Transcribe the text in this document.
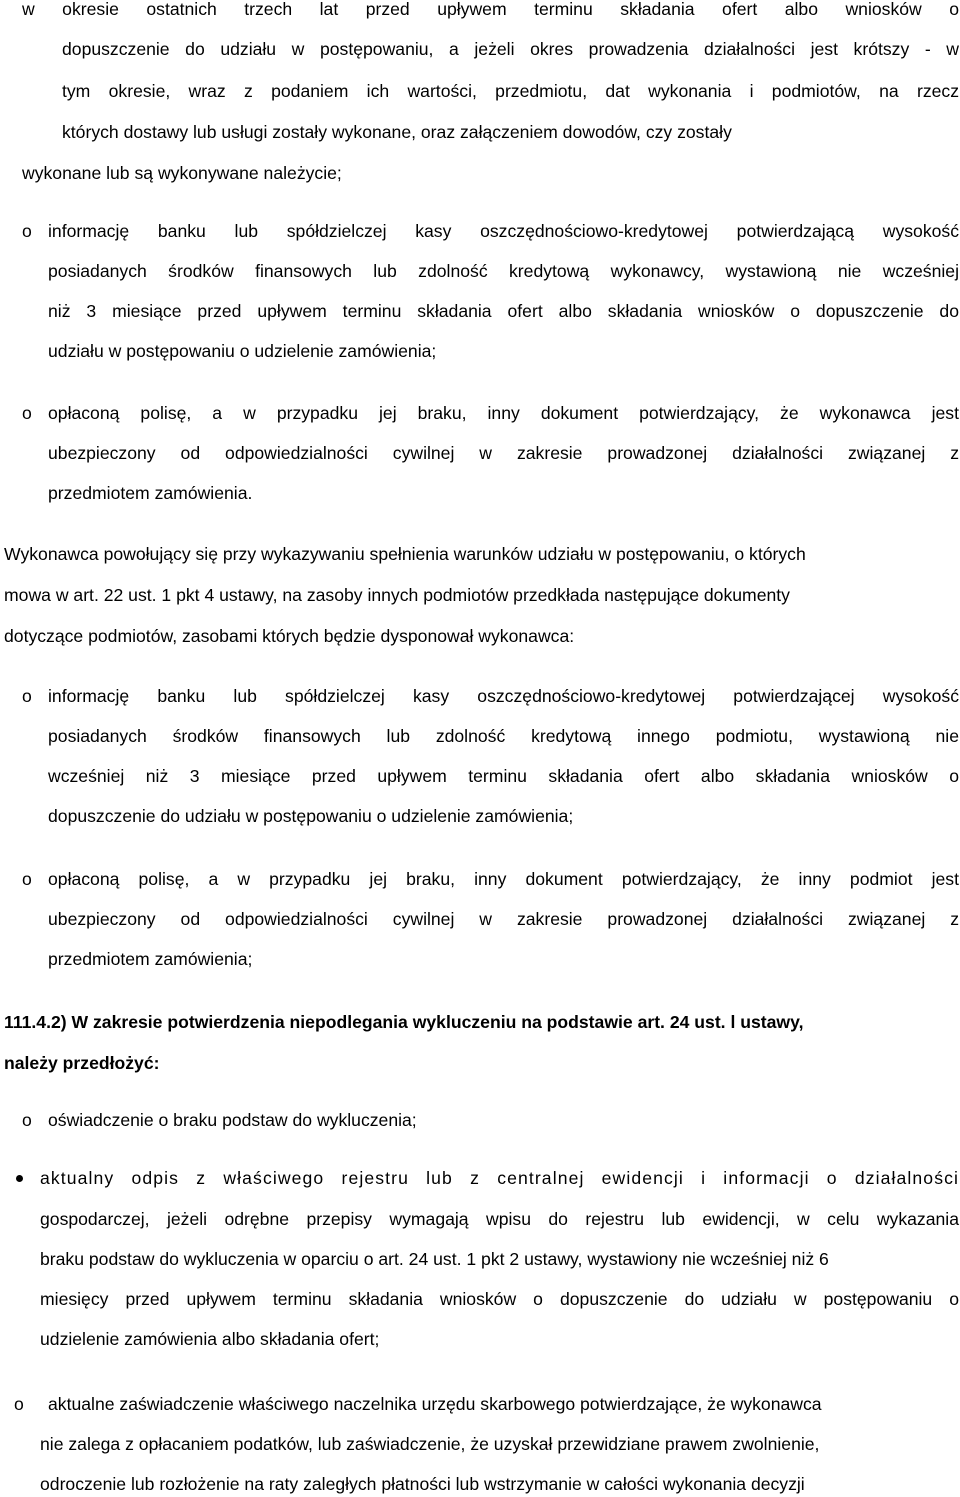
w okresie ostatnich trzech lat przed upływem terminu składania ofert albo wniosków o
dopuszczenie do udziału w postępowaniu, a jeżeli okres prowadzenia działalności jest krótszy - w
tym okresie, wraz z podaniem ich wartości, przedmiotu, dat wykonania i podmiotów, na rzecz
których dostawy lub usługi zostały wykonane, oraz załączeniem dowodów, czy zostały
wykonane lub są wykonywane należycie;
o informację banku lub spółdzielczej kasy oszczędnościowo-kredytowej potwierdzającą wysokość
posiadanych środków finansowych lub zdolność kredytową wykonawcy, wystawioną nie wcześniej
niż 3 miesiące przed upływem terminu składania ofert albo składania wniosków o dopuszczenie do
udziału w postępowaniu o udzielenie zamówienia;
o opłaconą polisę, a w przypadku jej braku, inny dokument potwierdzający, że wykonawca jest
ubezpieczony od odpowiedzialności cywilnej w zakresie prowadzonej działalności związanej z
przedmiotem zamówienia.
Wykonawca powołujący się przy wykazywaniu spełnienia warunków udziału w postępowaniu, o których
mowa w art. 22 ust. 1 pkt 4 ustawy, na zasoby innych podmiotów przedkłada następujące dokumenty
dotyczące podmiotów, zasobami których będzie dysponował wykonawca:
o informację banku lub spółdzielczej kasy oszczędnościowo-kredytowej potwierdzającej wysokość
posiadanych środków finansowych lub zdolność kredytową innego podmiotu, wystawioną nie
wcześniej niż 3 miesiące przed upływem terminu składania ofert albo składania wniosków o
dopuszczenie do udziału w postępowaniu o udzielenie zamówienia;
o opłaconą polisę, a w przypadku jej braku, inny dokument potwierdzający, że inny podmiot jest
ubezpieczony od odpowiedzialności cywilnej w zakresie prowadzonej działalności związanej z
przedmiotem zamówienia;
111.4.2) W zakresie potwierdzenia niepodlegania wykluczeniu na podstawie art. 24 ust. l ustawy,
należy przedłożyć:
o oświadczenie o braku podstaw do wykluczenia;
aktualny odpis z właściwego rejestru lub z centralnej ewidencji i informacji o działalności
gospodarczej, jeżeli odrębne przepisy wymagają wpisu do rejestru lub ewidencji, w celu wykazania
braku podstaw do wykluczenia w oparciu o art. 24 ust. 1 pkt 2 ustawy, wystawiony nie wcześniej niż 6
miesięcy przed upływem terminu składania wniosków o dopuszczenie do udziału w postępowaniu o
udzielenie zamówienia albo składania ofert;
o aktualne zaświadczenie właściwego naczelnika urzędu skarbowego potwierdzające, że wykonawca
nie zalega z opłacaniem podatków, lub zaświadczenie, że uzyskał przewidziane prawem zwolnienie,
odroczenie lub rozłożenie na raty zaległych płatności lub wstrzymanie w całości wykonania decyzji
